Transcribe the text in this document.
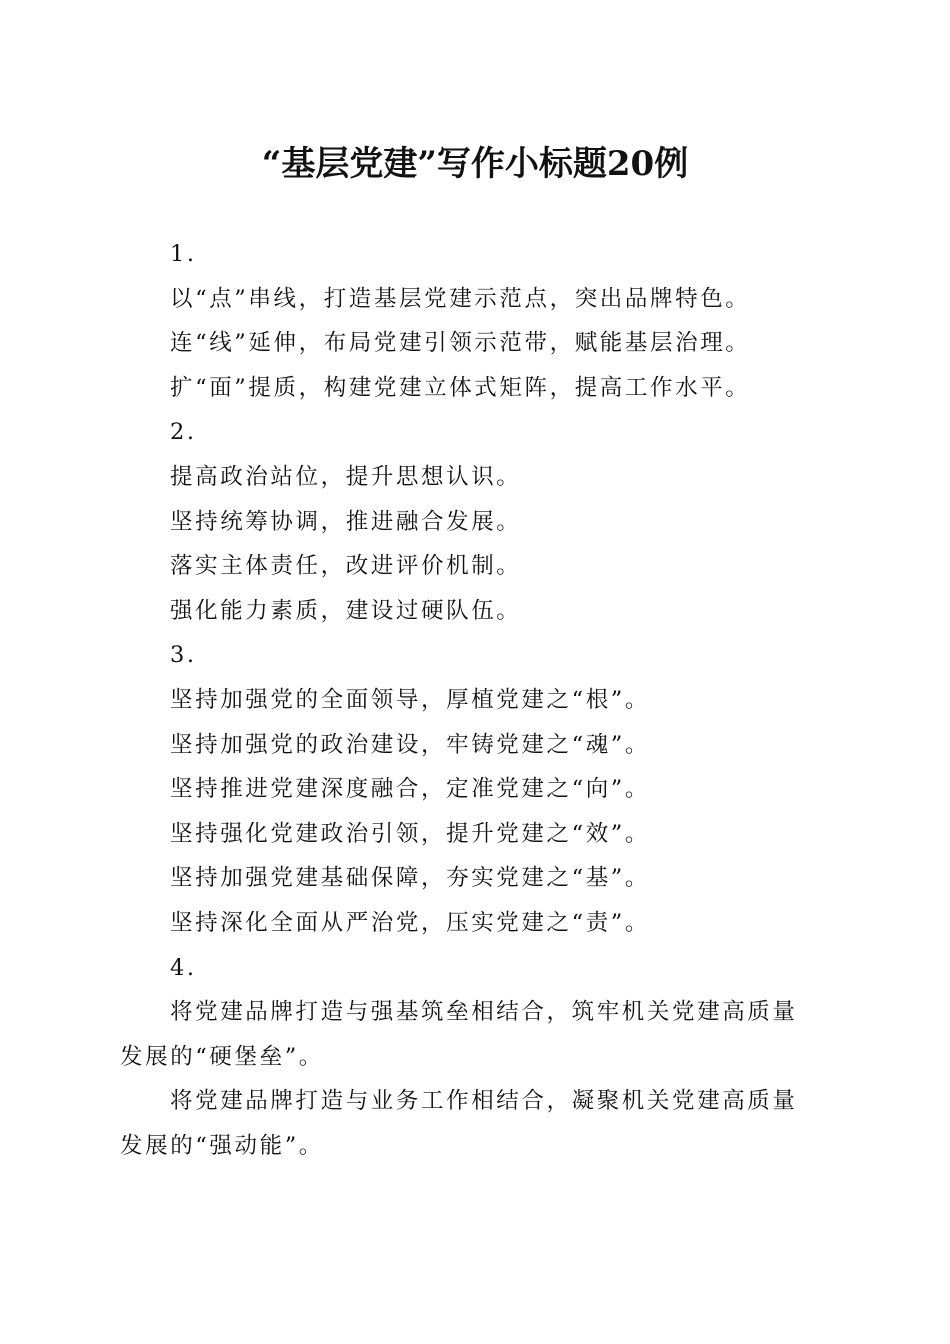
“基层党建”写作小标题20例
1.
以“点”串线，打造基层党建示范点，突出品牌特色。
连“线”延伸，布局党建引领示范带，赋能基层治理。
扩“面”提质，构建党建立体式矩阵，提高工作水平。
2.
提高政治站位，提升思想认识。
坚持统筹协调，推进融合发展。
落实主体责任，改进评价机制。
强化能力素质，建设过硬队伍。
3.
坚持加强党的全面领导，厚植党建之“根”。
坚持加强党的政治建设，牢铸党建之“魂”。
坚持推进党建深度融合，定准党建之“向”。
坚持强化党建政治引领，提升党建之“效”。
坚持加强党建基础保障，夯实党建之“基”。
坚持深化全面从严治党，压实党建之“责”。
4.
将党建品牌打造与强基筑垒相结合，筑牢机关党建高质量
发展的“硬堡垒”。
将党建品牌打造与业务工作相结合，凝聚机关党建高质量
发展的“强动能”。
